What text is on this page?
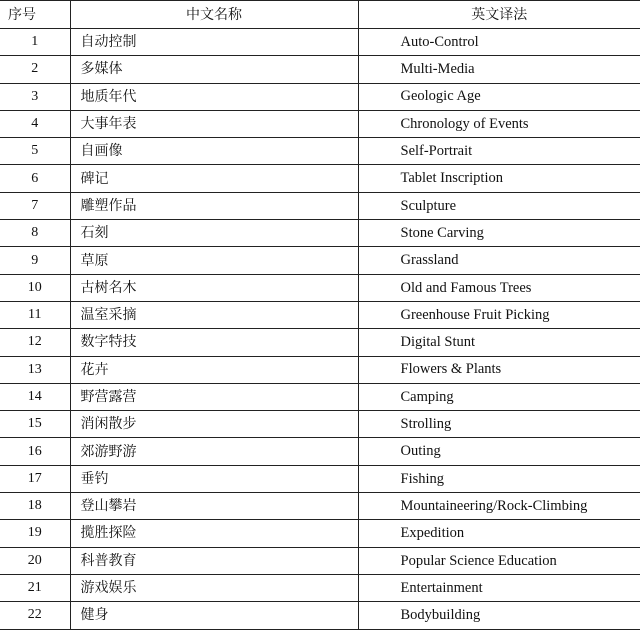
序号	中文名称	英文译法
1	自动控制	Auto-Control
2	多媒体	Multi-Media
3	地质年代	Geologic Age
4	大事年表	Chronology of Events
5	自画像	Self-Portrait
6	碑记	Tablet Inscription
7	雕塑作品	Sculpture
8	石刻	Stone Carving
9	草原	Grassland
10	古树名木	Old and Famous Trees
11	温室采摘	Greenhouse Fruit Picking
12	数字特技	Digital Stunt
13	花卉	Flowers & Plants
14	野营露营	Camping
15	消闲散步	Strolling
16	郊游野游	Outing
17	垂钓	Fishing
18	登山攀岩	Mountaineering/Rock-Climbing
19	揽胜探险	Expedition
20	科普教育	Popular Science Education
21	游戏娱乐	Entertainment
22	健身	Bodybuilding
